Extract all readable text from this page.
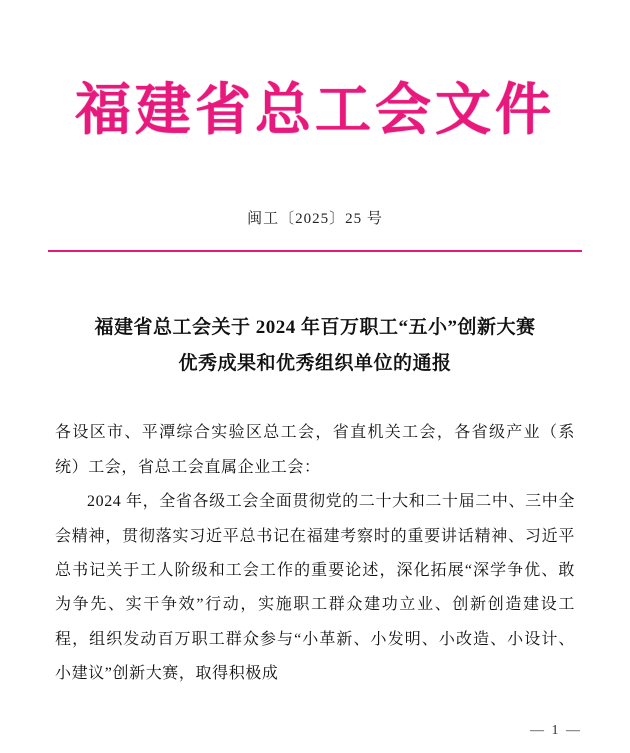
福建省总工会文件
闽工〔2025〕25 号
福建省总工会关于 2024 年百万职工“五小”创新大赛
优秀成果和优秀组织单位的通报

各设区市、平潭综合实验区总工会，省直机关工会，各省级产业（系统）工会，省总工会直属企业工会：

2024 年，全省各级工会全面贯彻党的二十大和二十届二中、三中全会精神，贯彻落实习近平总书记在福建考察时的重要讲话精神、习近平总书记关于工人阶级和工会工作的重要论述，深化拓展“深学争优、敢为争先、实干争效”行动，实施职工群众建功立业、创新创造建设工程，组织发动百万职工群众参与“小革新、小发明、小改造、小设计、小建议”创新大赛，取得积极成

— 1 —
